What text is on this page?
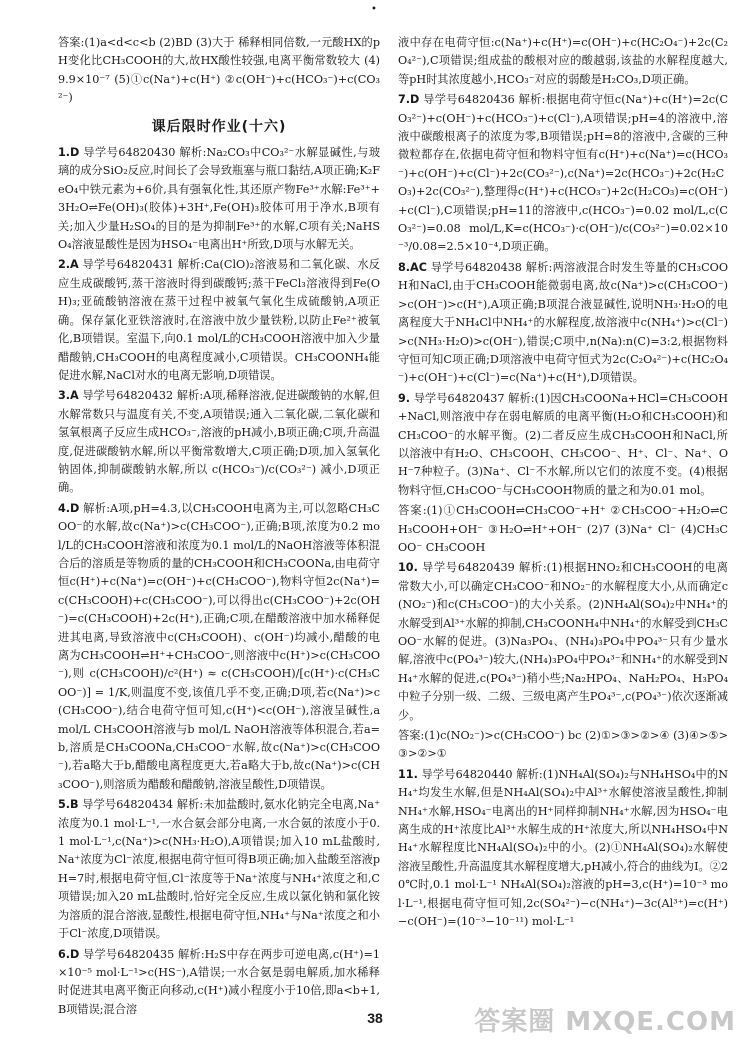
•
答案:(1)a<d<c<b (2)BD (3)大于 稀释相同倍数,一元酸HX的pH变化比CH₃COOH的大,故HX酸性较强,电离平衡常数较大 (4)9.9×10⁻⁷ (5)①c(Na⁺)+c(H⁺) ②c(OH⁻)+c(HCO₃⁻)+c(CO₃²⁻)
课后限时作业(十六)
1.D 导学号64820430 解析:Na₂CO₃中CO₃²⁻水解显碱性,与玻璃的成分SiO₂反应,时间长了会导致瓶塞与瓶口黏结,A项正确;K₂FeO₄中铁元素为+6价,具有强氧化性,其还原产物Fe³⁺水解:Fe³⁺+3H₂O⇌Fe(OH)₃(胶体)+3H⁺,Fe(OH)₃胶体可用于净水,B项有关;加入少量H₂SO₄的目的是为抑制Fe³⁺的水解,C项有关;NaHSO₄溶液显酸性是因为HSO₄⁻电离出H⁺所致,D项与水解无关。
2.A 导学号64820431 解析:Ca(ClO)₂溶液易和二氧化碳、水反应生成碳酸钙,蒸干溶液时得到碳酸钙;蒸干FeCl₃溶液得到Fe(OH)₃;亚硫酸钠溶液在蒸干过程中被氧气氧化生成硫酸钠,A项正确。保存氯化亚铁溶液时,在溶液中放少量铁粉,以防止Fe²⁺被氧化,B项错误。室温下,向0.1 mol/L的CH₃COOH溶液中加入少量醋酸钠,CH₃COOH的电离程度减小,C项错误。CH₃COONH₄能促进水解,NaCl对水的电离无影响,D项错误。
3.A 导学号64820432 解析:A项,稀释溶液,促进碳酸钠的水解,但水解常数只与温度有关,不变,A项错误;通入二氧化碳,二氧化碳和氢氧根离子反应生成HCO₃⁻,溶液的pH减小,B项正确;C项,升高温度,促进碳酸钠水解,所以平衡常数增大,C项正确;D项,加入氢氧化钠固体,抑制碳酸钠水解,所以 c(HCO₃⁻)/c(CO₃²⁻) 减小,D项正确。
4.D 解析:A项,pH=4.3,以CH₃COOH电离为主,可以忽略CH₃COO⁻的水解,故c(Na⁺)>c(CH₃COO⁻),正确;B项,浓度为0.2 mol/L的CH₃COOH溶液和浓度为0.1 mol/L的NaOH溶液等体积混合后的溶质是等物质的量的CH₃COOH和CH₃COONa,由电荷守恒c(H⁺)+c(Na⁺)=c(OH⁻)+c(CH₃COO⁻),物料守恒2c(Na⁺)=c(CH₃COOH)+c(CH₃COO⁻),可以得出c(CH₃COO⁻)+2c(OH⁻)=c(CH₃COOH)+2c(H⁺),正确;C项,在醋酸溶液中加水稀释促进其电离,导致溶液中c(CH₃COOH)、c(OH⁻)均减小,醋酸的电离为CH₃COOH⇌H⁺+CH₃COO⁻,则溶液中c(H⁺)>c(CH₃COO⁻),则 c(CH₃COOH)/c²(H⁺) ≈ c(CH₃COOH)/[c(H⁺)·c(CH₃COO⁻)] = 1/K,则温度不变,该值几乎不变,正确;D项,若c(Na⁺)>c(CH₃COO⁻),结合电荷守恒可知,c(H⁺)<c(OH⁻),溶液呈碱性,a mol/L CH₃COOH溶液与b mol/L NaOH溶液等体积混合,若a=b,溶质是CH₃COONa,CH₃COO⁻水解,故c(Na⁺)>c(CH₃COO⁻),若a略大于b,醋酸电离程度更大,若a略大于b,故c(Na⁺)>c(CH₃COO⁻),则溶质为醋酸和醋酸钠,溶液呈酸性,D项错误。
5.B 导学号64820434 解析:未加盐酸时,氨水化钠完全电离,Na⁺浓度为0.1 mol·L⁻¹,一水合氨会部分电离,一水合氨的浓度小于0.1 mol·L⁻¹,c(Na⁺)>c(NH₃·H₂O),A项错误;加入10 mL盐酸时,Na⁺浓度为Cl⁻浓度,根据电荷守恒可得B项正确;加入盐酸至溶液pH=7时,根据电荷守恒,Cl⁻浓度等于Na⁺浓度与NH₄⁺浓度之和,C项错误;加入20 mL盐酸时,恰好完全反应,生成以氯化钠和氯化铵为溶质的混合溶液,显酸性,根据电荷守恒,NH₄⁺与Na⁺浓度之和小于Cl⁻浓度,D项错误。
6.D 导学号64820435 解析:H₂S中存在两步可逆电离,c(H⁺)=1×10⁻⁵ mol·L⁻¹>c(HS⁻),A错误;一水合氨是弱电解质,加水稀释时促进其电离平衡正向移动,c(H⁺)减小程度小于10倍,即a<b+1,B项错误;混合溶
液中存在电荷守恒:c(Na⁺)+c(H⁺)=c(OH⁻)+c(HC₂O₄⁻)+2c(C₂O₄²⁻),C项错误;组成盐的酸根对应的酸越弱,该盐的水解程度越大,等pH时其浓度越小,HCO₃⁻对应的弱酸是H₂CO₃,D项正确。
7.D 导学号64820436 解析:根据电荷守恒c(Na⁺)+c(H⁺)=2c(CO₃²⁻)+c(OH⁻)+c(HCO₃⁻)+c(Cl⁻),A项错误;pH=4的溶液中,溶液中碳酸根离子的浓度为零,B项错误;pH=8的溶液中,含碳的三种微粒都存在,依据电荷守恒和物料守恒有c(H⁺)+c(Na⁺)=c(HCO₃⁻)+c(OH⁻)+c(Cl⁻)+2c(CO₃²⁻),c(Na⁺)=2c(HCO₃⁻)+2c(H₂CO₃)+2c(CO₃²⁻),整理得c(H⁺)+c(HCO₃⁻)+2c(H₂CO₃)=c(OH⁻)+c(Cl⁻),C项错误;pH=11的溶液中,c(HCO₃⁻)=0.02 mol/L,c(CO₃²⁻)=0.08 mol/L,K=c(HCO₃⁻)·c(OH⁻)/c(CO₃²⁻)=0.02×10⁻³/0.08=2.5×10⁻⁴,D项正确。
8.AC 导学号64820438 解析:两溶液混合时发生等量的CH₃COOH和NaCl,由于CH₃COOH能微弱电离,故c(Na⁺)>c(CH₃COO⁻)>c(OH⁻)>c(H⁺),A项正确;B项混合液显碱性,说明NH₃·H₂O的电离程度大于NH₄Cl中NH₄⁺的水解程度,故溶液中c(NH₄⁺)>c(Cl⁻)>c(NH₃·H₂O)>c(OH⁻),错误;C项中,n(Na):n(C)=3:2,根据物料守恒可知C项正确;D项溶液中电荷守恒式为2c(C₂O₄²⁻)+c(HC₂O₄⁻)+c(OH⁻)+c(Cl⁻)=c(Na⁺)+c(H⁺),D项错误。
9. 导学号64820437 解析:(1)因CH₃COONa+HCl=CH₃COOH+NaCl,则溶液中存在弱电解质的电离平衡(H₂O和CH₃COOH)和CH₃COO⁻的水解平衡。(2)二者反应生成CH₃COOH和NaCl,所以溶液中有H₂O、CH₃COOH、CH₃COO⁻、H⁺、Cl⁻、Na⁺、OH⁻7种粒子。(3)Na⁺、Cl⁻不水解,所以它们的浓度不变。(4)根据物料守恒,CH₃COO⁻与CH₃COOH物质的量之和为0.01 mol。
答案:(1)①CH₃COOH⇌CH₃COO⁻+H⁺ ②CH₃COO⁻+H₂O⇌CH₃COOH+OH⁻ ③H₂O⇌H⁺+OH⁻ (2)7 (3)Na⁺ Cl⁻ (4)CH₃COO⁻ CH₃COOH
10. 导学号64820439 解析:(1)根据HNO₂和CH₃COOH的电离常数大小,可以确定CH₃COO⁻和NO₂⁻的水解程度大小,从而确定c(NO₂⁻)和c(CH₃COO⁻)的大小关系。(2)NH₄Al(SO₄)₂中NH₄⁺的水解受到Al³⁺水解的抑制,CH₃COONH₄中NH₄⁺的水解受到CH₃COO⁻水解的促进。(3)Na₃PO₄、(NH₄)₃PO₄中PO₄³⁻只有少量水解,溶液中c(PO₄³⁻)较大,(NH₄)₃PO₄中PO₄³⁻和NH₄⁺的水解受到NH₄⁺水解的促进,c(PO₄³⁻)稍小些;Na₂HPO₄、NaH₂PO₄、H₃PO₄中粒子分别一级、二级、三级电离产生PO₄³⁻,c(PO₄³⁻)依次逐渐减少。
答案:(1)c(NO₂⁻)>c(CH₃COO⁻) bc (2)①>③>②>④ (3)④>⑤>③>②>①
11. 导学号64820440 解析:(1)NH₄Al(SO₄)₂与NH₄HSO₄中的NH₄⁺均发生水解,但是NH₄Al(SO₄)₂中Al³⁺水解使溶液呈酸性,抑制NH₄⁺水解,HSO₄⁻电离出的H⁺同样抑制NH₄⁺水解,因为HSO₄⁻电离生成的H⁺浓度比Al³⁺水解生成的H⁺浓度大,所以NH₄HSO₄中NH₄⁺水解程度比NH₄Al(SO₄)₂中的小。(2)①NH₄Al(SO₄)₂水解使溶液呈酸性,升高温度其水解程度增大,pH减小,符合的曲线为Ⅰ。②20℃时,0.1 mol·L⁻¹ NH₄Al(SO₄)₂溶液的pH=3,c(H⁺)=10⁻³ mol·L⁻¹,根据电荷守恒可知,2c(SO₄²⁻)−c(NH₄⁺)−3c(Al³⁺)=c(H⁺)−c(OH⁻)=(10⁻³−10⁻¹¹) mol·L⁻¹
38	答案圈 MXQE.COM
